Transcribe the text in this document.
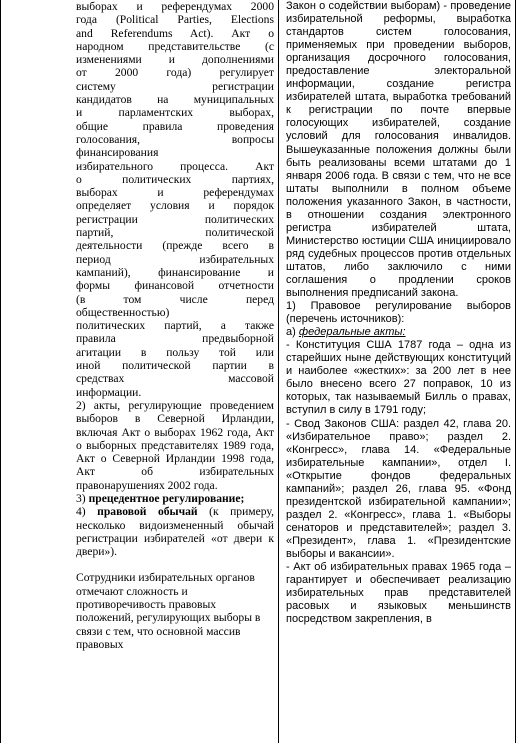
выборах и референдумах 2000
года (Political Parties, Elections
and Referendums Act). Акт о
народном представительстве (с
изменениями и дополнениями
от 2000 года) регулирует
систему регистрации
кандидатов на муниципальных
и парламентских выборах,
общие правила проведения
голосования, вопросы
финансирования
избирательного процесса. Акт
о политических партиях,
выборах и референдумах
определяет условия и порядок
регистрации политических
партий, политической
деятельности (прежде всего в
период избирательных
кампаний), финансирование и
формы финансовой отчетности
(в том числе перед
общественностью)
политических партий, а также
правила предвыборной
агитации в пользу той или
иной политической партии в
средствах массовой
информации.

2) акты, регулирующие проведением выборов в Северной Ирландии, включая Акт о выборах 1962 года, Акт о выборных представителях 1989 года, Акт о Северной Ирландии 1998 года, Акт об избирательных правонарушениях 2002 года.

3) прецедентное регулирование;

4) правовой обычай (к примеру, несколько видоизмененный обычай регистрации избирателей «от двери к двери»).

Сотрудники избирательных органов отмечают сложность и противоречивость правовых положений, регулирующих выборы в связи с тем, что основной массив правовых

Закон о содействии выборам) - проведение избирательной реформы, выработка стандартов систем голосования, применяемых при проведении выборов, организация досрочного голосования, предоставление электоральной информации, создание регистра избирателей штата, выработка требований к регистрации по почте впервые голосующих избирателей, создание условий для голосования инвалидов. Вышеуказанные положения должны были быть реализованы всеми штатами до 1 января 2006 года. В связи с тем, что не все штаты выполнили в полном объеме положения указанного Закон, в частности, в отношении создания электронного регистра избирателей штата, Министерство юстиции США инициировало ряд судебных процессов против отдельных штатов, либо заключило с ними соглашения о продлении сроков выполнения предписаний закона.

1) Правовое регулирование выборов (перечень источников):

а) федеральные акты:

- Конституция США 1787 года – одна из старейших ныне действующих конституций и наиболее «жестких»: за 200 лет в нее было внесено всего 27 поправок, 10 из которых, так называемый Билль о правах, вступил в силу в 1791 году;

- Свод Законов США: раздел 42, глава 20. «Избирательное право»; раздел 2. «Конгресс», глава 14. «Федеральные избирательные кампании», отдел I. «Открытие фондов федеральных кампаний»; раздел 26, глава 95. «Фонд президентской избирательной кампании»; раздел 2. «Конгресс», глава 1. «Выборы сенаторов и представителей»; раздел 3. «Президент», глава 1. «Президентские выборы и вакансии».

- Акт об избирательных правах 1965 года – гарантирует и обеспечивает реализацию избирательных прав представителей расовых и языковых меньшинств посредством закрепления, в
